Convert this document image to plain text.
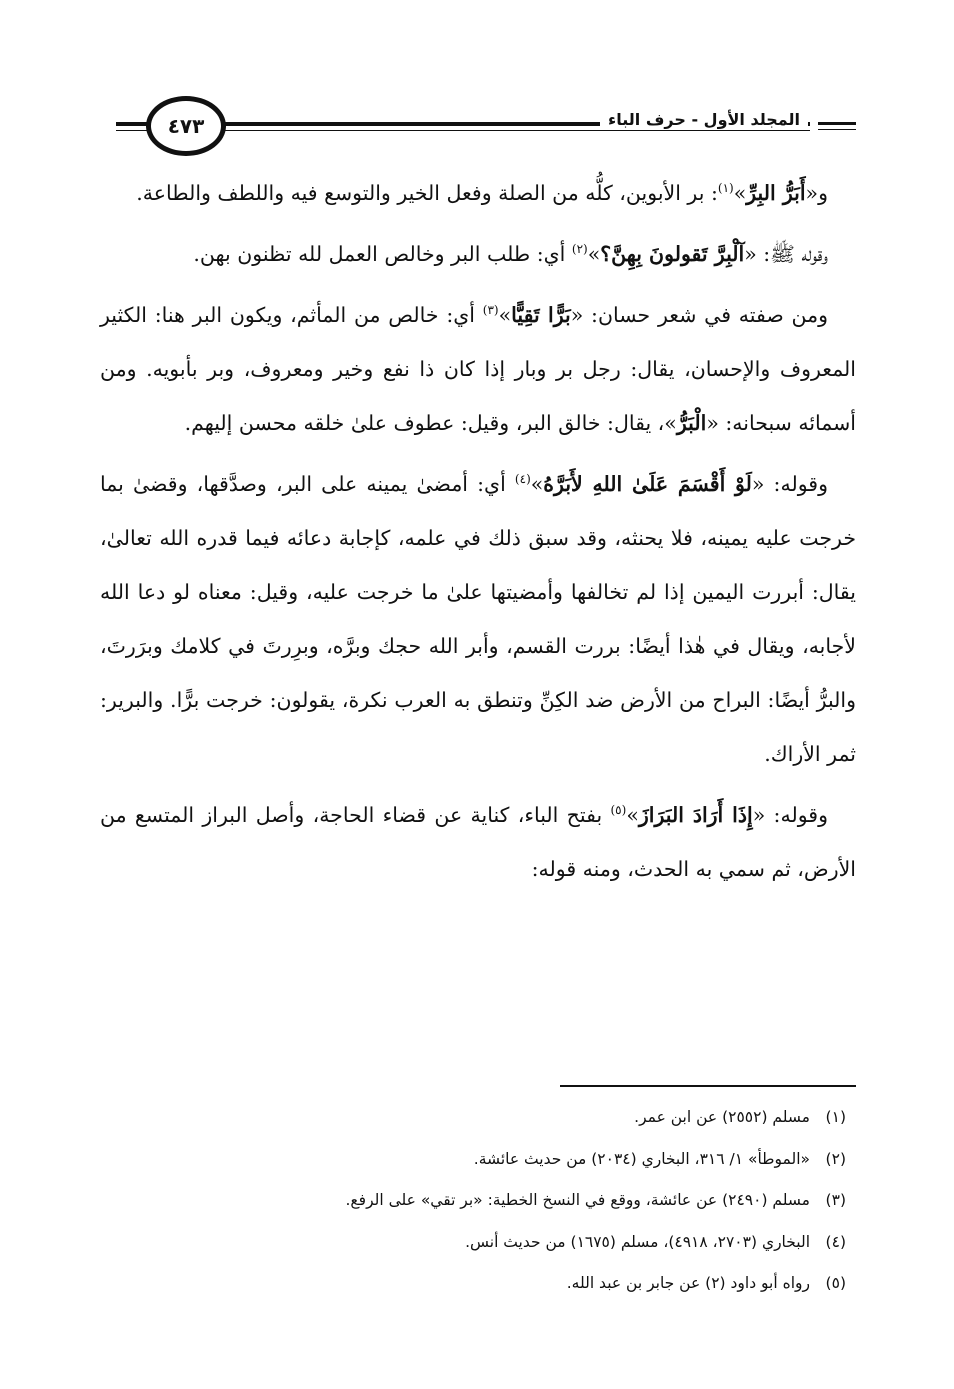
المجلد الأول - حرف الباء
٤٧٣

و«أَبَرُّ البِرِّ»$^{(١)}$: بر الأبوين، كلُّه من الصلة وفعل الخير والتوسع فيه واللطف والطاعة.

وقوله ﷺ: «آلْبِرَّ تَقولونَ بِهِنَّ؟»$^{(٢)}$ أي: طلب البر وخالص العمل لله تظنون بهن.

ومن صفته في شعر حسان: «بَرًّا تَقِيًّا»$^{(٣)}$ أي: خالص من المأثم، ويكون البر هنا: الكثير المعروف والإحسان، يقال: رجل بر وبار إذا كان ذا نفع وخير ومعروف، وبر بأبويه. ومن أسمائه سبحانه: «الْبَرُّ»، يقال: خالق البر، وقيل: عطوف علىٰ خلقه محسن إليهم.

وقوله: «لَوْ أَقْسَمَ عَلَىٰ اللهِ لأَبَرَّهُ»$^{(٤)}$ أي: أمضىٰ يمينه على البر، وصدَّقها، وقضىٰ بما خرجت عليه يمينه، فلا يحنثه، وقد سبق ذلك في علمه، كإجابة دعائه فيما قدره الله تعالىٰ، يقال: أبررت اليمين إذا لم تخالفها وأمضيتها علىٰ ما خرجت عليه، وقيل: معناه لو دعا الله لأجابه، ويقال في هٰذا أيضًا: بررت القسم، وأبر الله حجك وبرَّه، وبرِرتَ في كلامك وبرَرتَ، والبرُّ أيضًا: البراح من الأرض ضد الكِنِّ وتنطق به العرب نكرة، يقولون: خرجت برًّا. والبرير: ثمر الأراك.

وقوله: «إِذَا أَرَادَ البَرَازَ»$^{(٥)}$ بفتح الباء، كناية عن قضاء الحاجة، وأصل البراز المتسع من الأرض، ثم سمي به الحدث، ومنه قوله:

(١)مسلم (٢٥٥٢) عن ابن عمر.
(٢)«الموطأ» ١/ ٣١٦، البخاري (٢٠٣٤) من حديث عائشة.
(٣)مسلم (٢٤٩٠) عن عائشة، ووقع في النسخ الخطية: «بر تقي» على الرفع.
(٤)البخاري (٢٧٠٣، ٤٩١٨)، مسلم (١٦٧٥) من حديث أنس.
(٥)رواه أبو داود (٢) عن جابر بن عبد الله.
